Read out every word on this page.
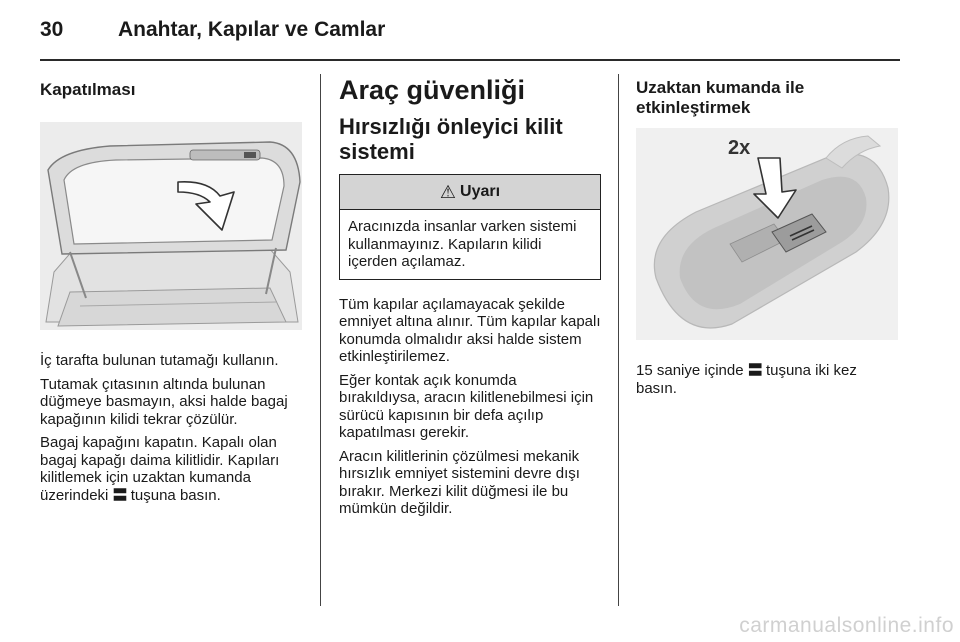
30	Anahtar, Kapılar ve Camlar
Kapatılması

İç tarafta bulunan tutamağı kullanın.

Tutamak çıtasının altında bulunan düğmeye basmayın, aksi halde bagaj kapağının kilidi tekrar çözülür.

Bagaj kapağını kapatın. Kapalı olan bagaj kapağı daima kilitlidir. Kapıları kilitlemek için uzaktan kumanda üzerindeki 〓 tuşuna basın.

Araç güvenliği
Hırsızlığı önleyici kilit sistemi
⚠ Uyarı

Aracınızda insanlar varken sistemi kullanmayınız. Kapıların kilidi içerden açılamaz.

Tüm kapılar açılamayacak şekilde emniyet altına alınır. Tüm kapılar kapalı konumda olmalıdır aksi halde sistem etkinleştirilemez.

Eğer kontak açık konumda bırakıldıysa, aracın kilitlenebilmesi için sürücü kapısının bir defa açılıp kapatılması gerekir.

Aracın kilitlerinin çözülmesi mekanik hırsızlık emniyet sistemini devre dışı bırakır. Merkezi kilit düğmesi ile bu mümkün değildir.

Uzaktan kumanda ile etkinleştirmek
2x

15 saniye içinde 〓 tuşuna iki kez basın.

carmanualsonline.info
